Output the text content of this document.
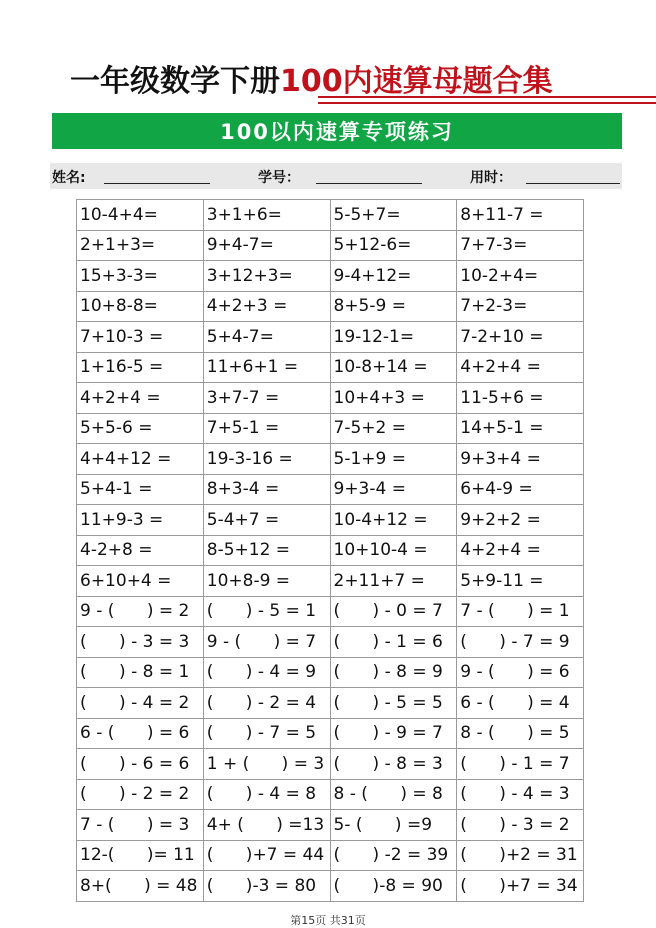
一年级数学下册100内速算母题合集
100以内速算专项练习
姓名:	学号：	用时：
10-4+4=	3+1+6=	5-5+7=	8+11-7 =
2+1+3=	9+4-7=	5+12-6=	7+7-3=
15+3-3=	3+12+3=	9-4+12=	10-2+4=
10+8-8=	4+2+3 =	8+5-9 =	7+2-3=
7+10-3 =	5+4-7=	19-12-1=	7-2+10 =
1+16-5 =	11+6+1 =	10-8+14 =	4+2+4 =
4+2+4 =	3+7-7 =	10+4+3 =	11-5+6 =
5+5-6 =	7+5-1 =	7-5+2 =	14+5-1 =
4+4+12 =	19-3-16 =	5-1+9 =	9+3+4 =
5+4-1 =	8+3-4 =	9+3-4 =	6+4-9 =
11+9-3 =	5-4+7 =	10-4+12 =	9+2+2 =
4-2+8 =	8-5+12 =	10+10-4 =	4+2+4 =
6+10+4 =	10+8-9 =	2+11+7 =	5+9-11 =
9 - (      ) = 2	(      ) - 5 = 1	(      ) - 0 = 7	7 - (      ) = 1
(      ) - 3 = 3	9 - (      ) = 7	(      ) - 1 = 6	(      ) - 7 = 9
(      ) - 8 = 1	(      ) - 4 = 9	(      ) - 8 = 9	9 - (      ) = 6
(      ) - 4 = 2	(      ) - 2 = 4	(      ) - 5 = 5	6 - (      ) = 4
6 - (      ) = 6	(      ) - 7 = 5	(      ) - 9 = 7	8 - (      ) = 5
(      ) - 6 = 6	1 + (      ) = 3	(      ) - 8 = 3	(      ) - 1 = 7
(      ) - 2 = 2	(      ) - 4 = 8	8 - (      ) = 8	(      ) - 4 = 3
7 - (      ) = 3	4+ (      ) =13	5- (      ) =9	(      ) - 3 = 2
12-(      )= 11	(      )+7 = 44	(      ) -2 = 39	(      )+2 = 31
8+(      ) = 48	(      )-3 = 80	(      )-8 = 90	(      )+7 = 34
第15页 共31页
